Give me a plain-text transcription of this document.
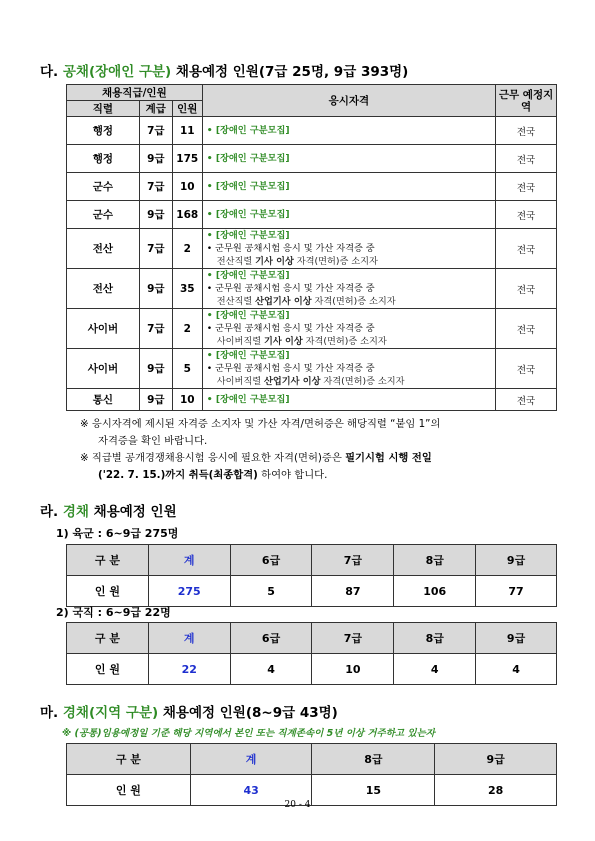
다. 공채(장애인 구분) 채용예정 인원(7급 25명, 9급 393명)
채용직급/인원			응시자격	근무 예정지역
직렬	계급	인원		
행정	7급	11	• [장애인 구분모집]	전국
행정	9급	175	• [장애인 구분모집]	전국
군수	7급	10	• [장애인 구분모집]	전국
군수	9급	168	• [장애인 구분모집]	전국
전산	7급	2	• [장애인 구분모집]
• 군무원 공채시험 응시 및 가산 자격증 중
전산직렬 기사 이상 자격(면허)증 소지자	전국
전산	9급	35	• [장애인 구분모집]
• 군무원 공채시험 응시 및 가산 자격증 중
전산직렬 산업기사 이상 자격(면허)증 소지자	전국
사이버	7급	2	• [장애인 구분모집]
• 군무원 공채시험 응시 및 가산 자격증 중
사이버직렬 기사 이상 자격(면허)증 소지자	전국
사이버	9급	5	• [장애인 구분모집]
• 군무원 공채시험 응시 및 가산 자격증 중
사이버직렬 산업기사 이상 자격(면허)증 소지자	전국
통신	9급	10	• [장애인 구분모집]	전국
※ 응시자격에 제시된 자격증 소지자 및 가산 자격/면허증은 해당직렬 “붙임 1”의
자격증을 확인 바랍니다.
※ 직급별 공개경쟁채용시험 응시에 필요한 자격(면허)증은 필기시험 시행 전일
('22. 7. 15.)까지 취득(최종합격) 하여야 합니다.
라. 경채 채용예정 인원
1) 육군 : 6~9급 275명
구 분	계	6급	7급	8급	9급
인 원	275	5	87	106	77
2) 국직 : 6~9급 22명
구 분	계	6급	7급	8급	9급
인 원	22	4	10	4	4
마. 경채(지역 구분) 채용예정 인원(8~9급 43명)
※ (공통)임용예정일 기준 해당 지역에서 본인 또는 직계존속이 5년 이상 거주하고 있는자
구 분	계	8급	9급
인 원	43	15	28
20 - 4
